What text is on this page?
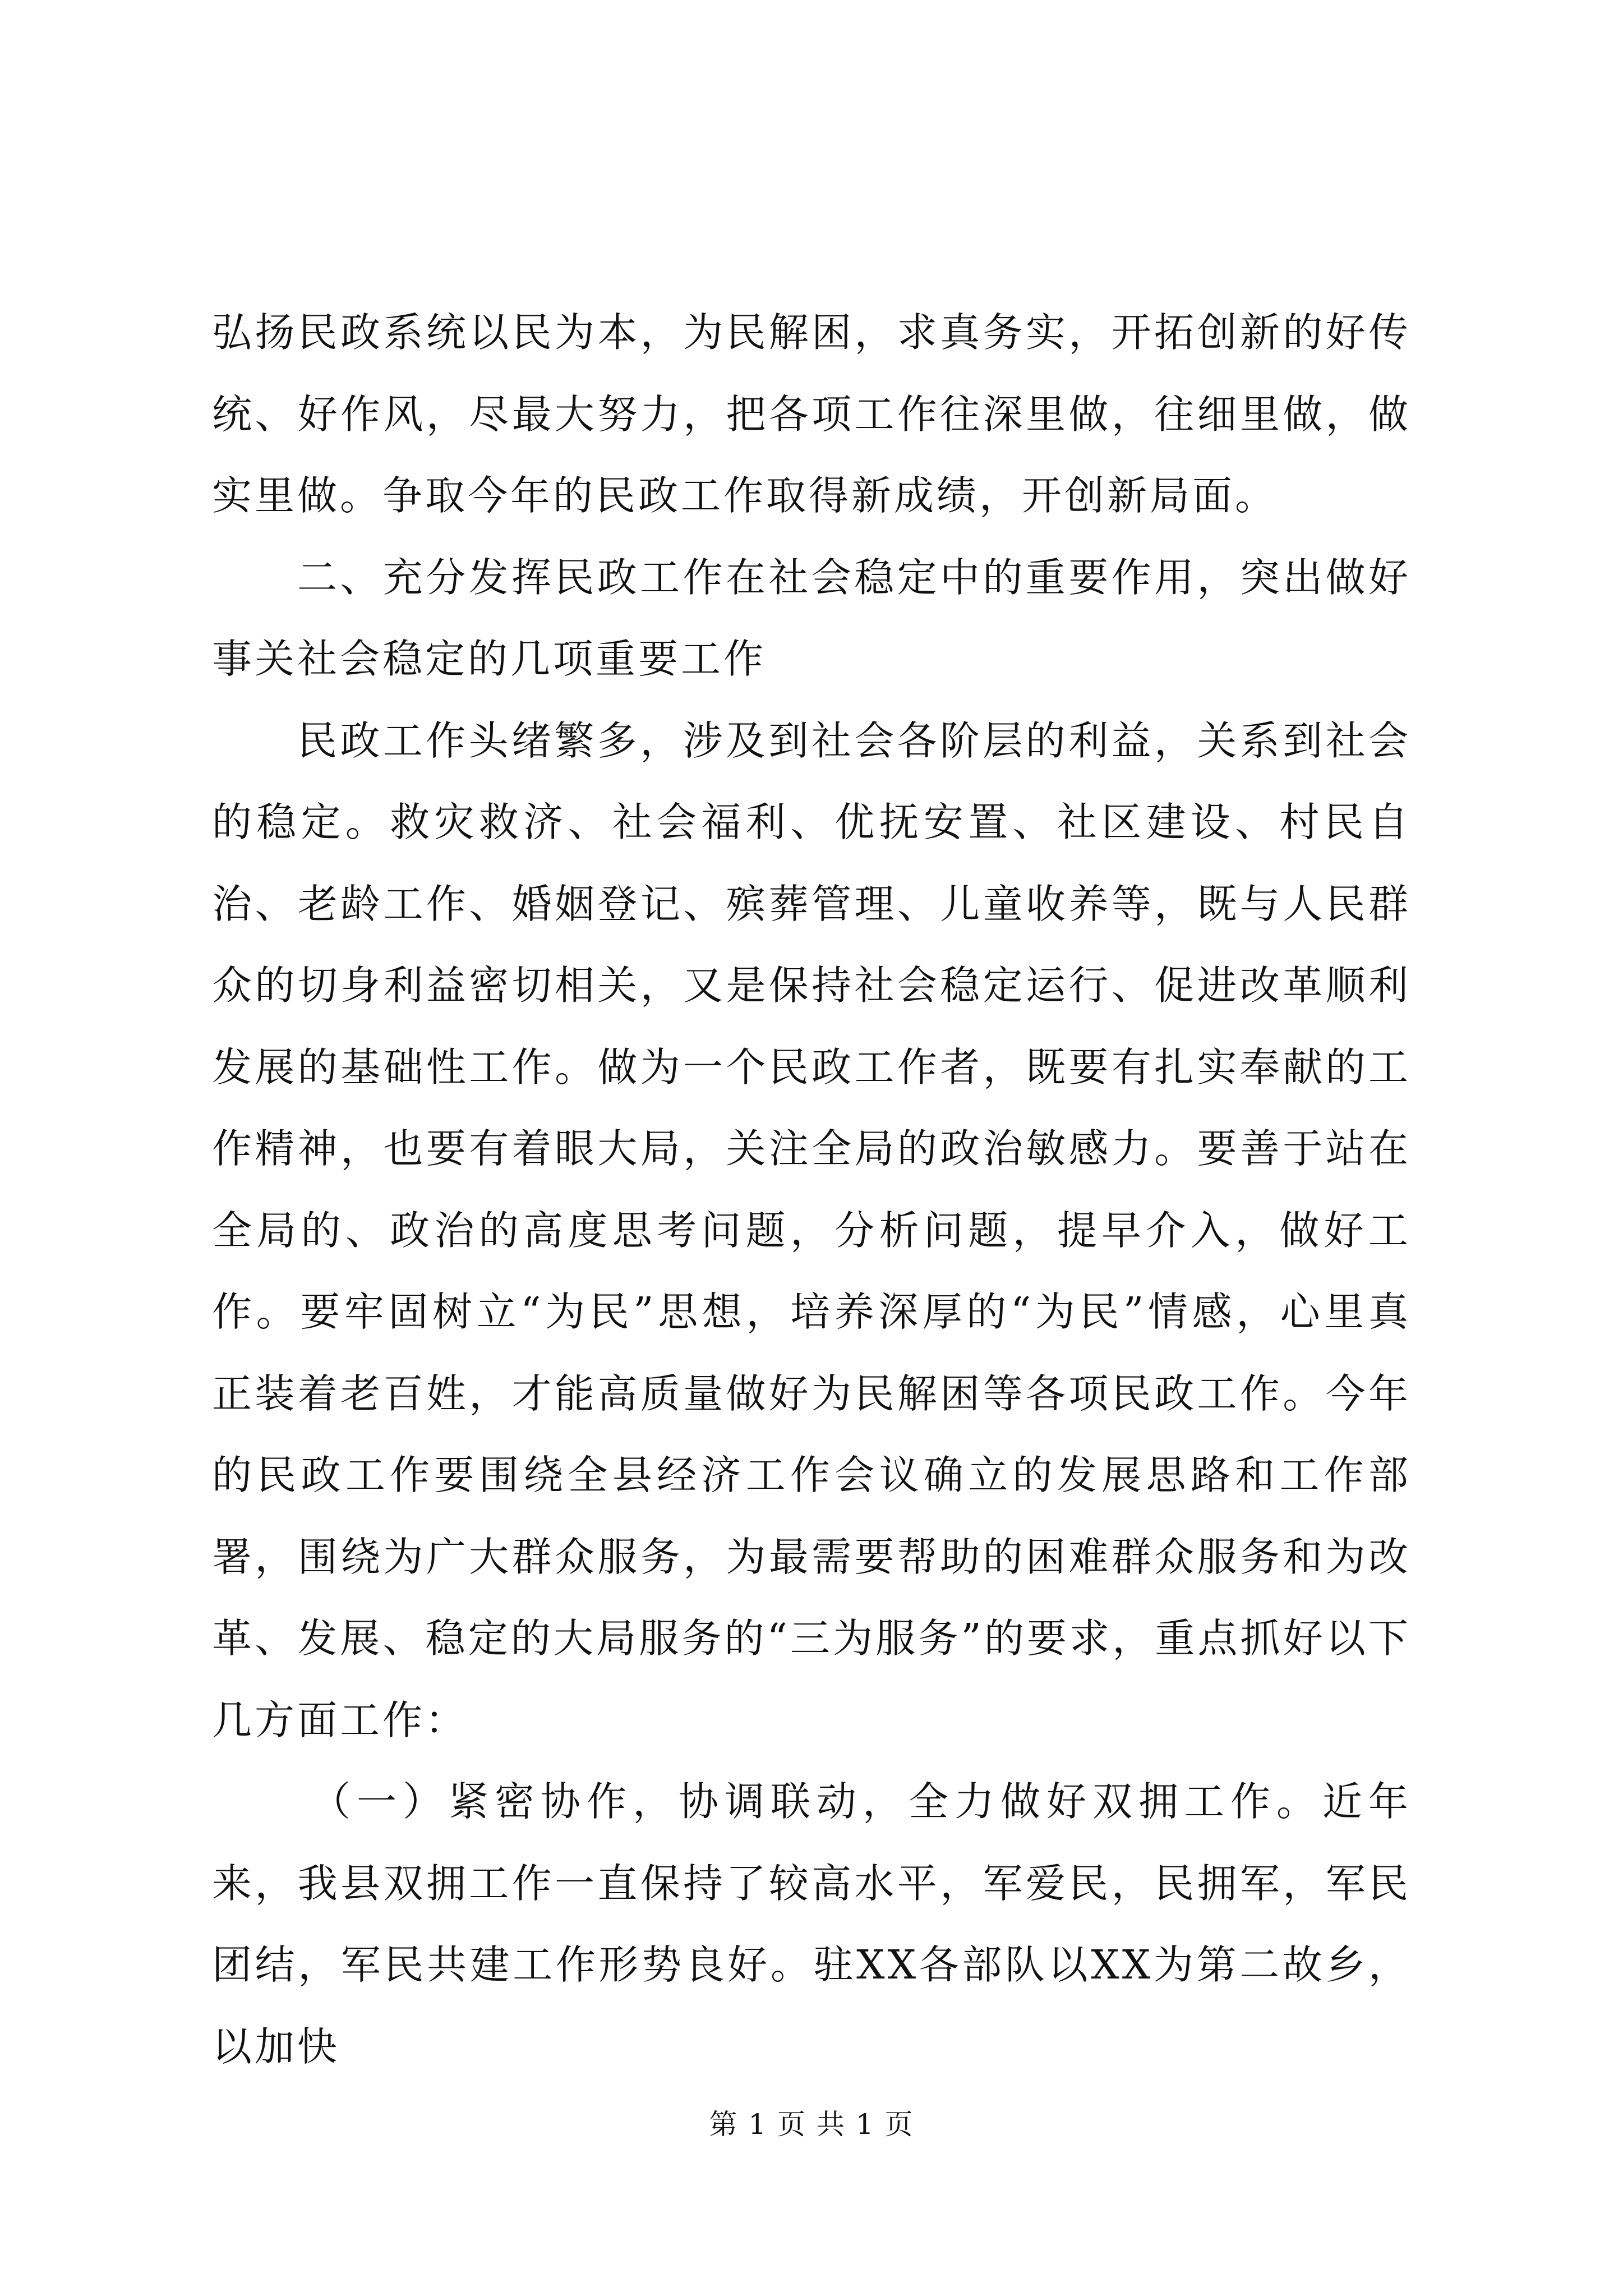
弘扬民政系统以民为本，为民解困，求真务实，开拓创新的好传统、好作风，尽最大努力，把各项工作往深里做，往细里做，做实里做。争取今年的民政工作取得新成绩，开创新局面。

二、充分发挥民政工作在社会稳定中的重要作用，突出做好事关社会稳定的几项重要工作

民政工作头绪繁多，涉及到社会各阶层的利益，关系到社会的稳定。救灾救济、社会福利、优抚安置、社区建设、村民自治、老龄工作、婚姻登记、殡葬管理、儿童收养等，既与人民群众的切身利益密切相关，又是保持社会稳定运行、促进改革顺利发展的基础性工作。做为一个民政工作者，既要有扎实奉献的工作精神，也要有着眼大局，关注全局的政治敏感力。要善于站在全局的、政治的高度思考问题，分析问题，提早介入，做好工作。要牢固树立“为民”思想，培养深厚的“为民”情感，心里真正装着老百姓，才能高质量做好为民解困等各项民政工作。今年的民政工作要围绕全县经济工作会议确立的发展思路和工作部署，围绕为广大群众服务，为最需要帮助的困难群众服务和为改革、发展、稳定的大局服务的“三为服务”的要求，重点抓好以下几方面工作：

（一）紧密协作，协调联动，全力做好双拥工作。近年来，我县双拥工作一直保持了较高水平，军爱民，民拥军，军民团结，军民共建工作形势良好。驻XX各部队以XX为第二故乡，以加快

第 1 页 共 1 页
